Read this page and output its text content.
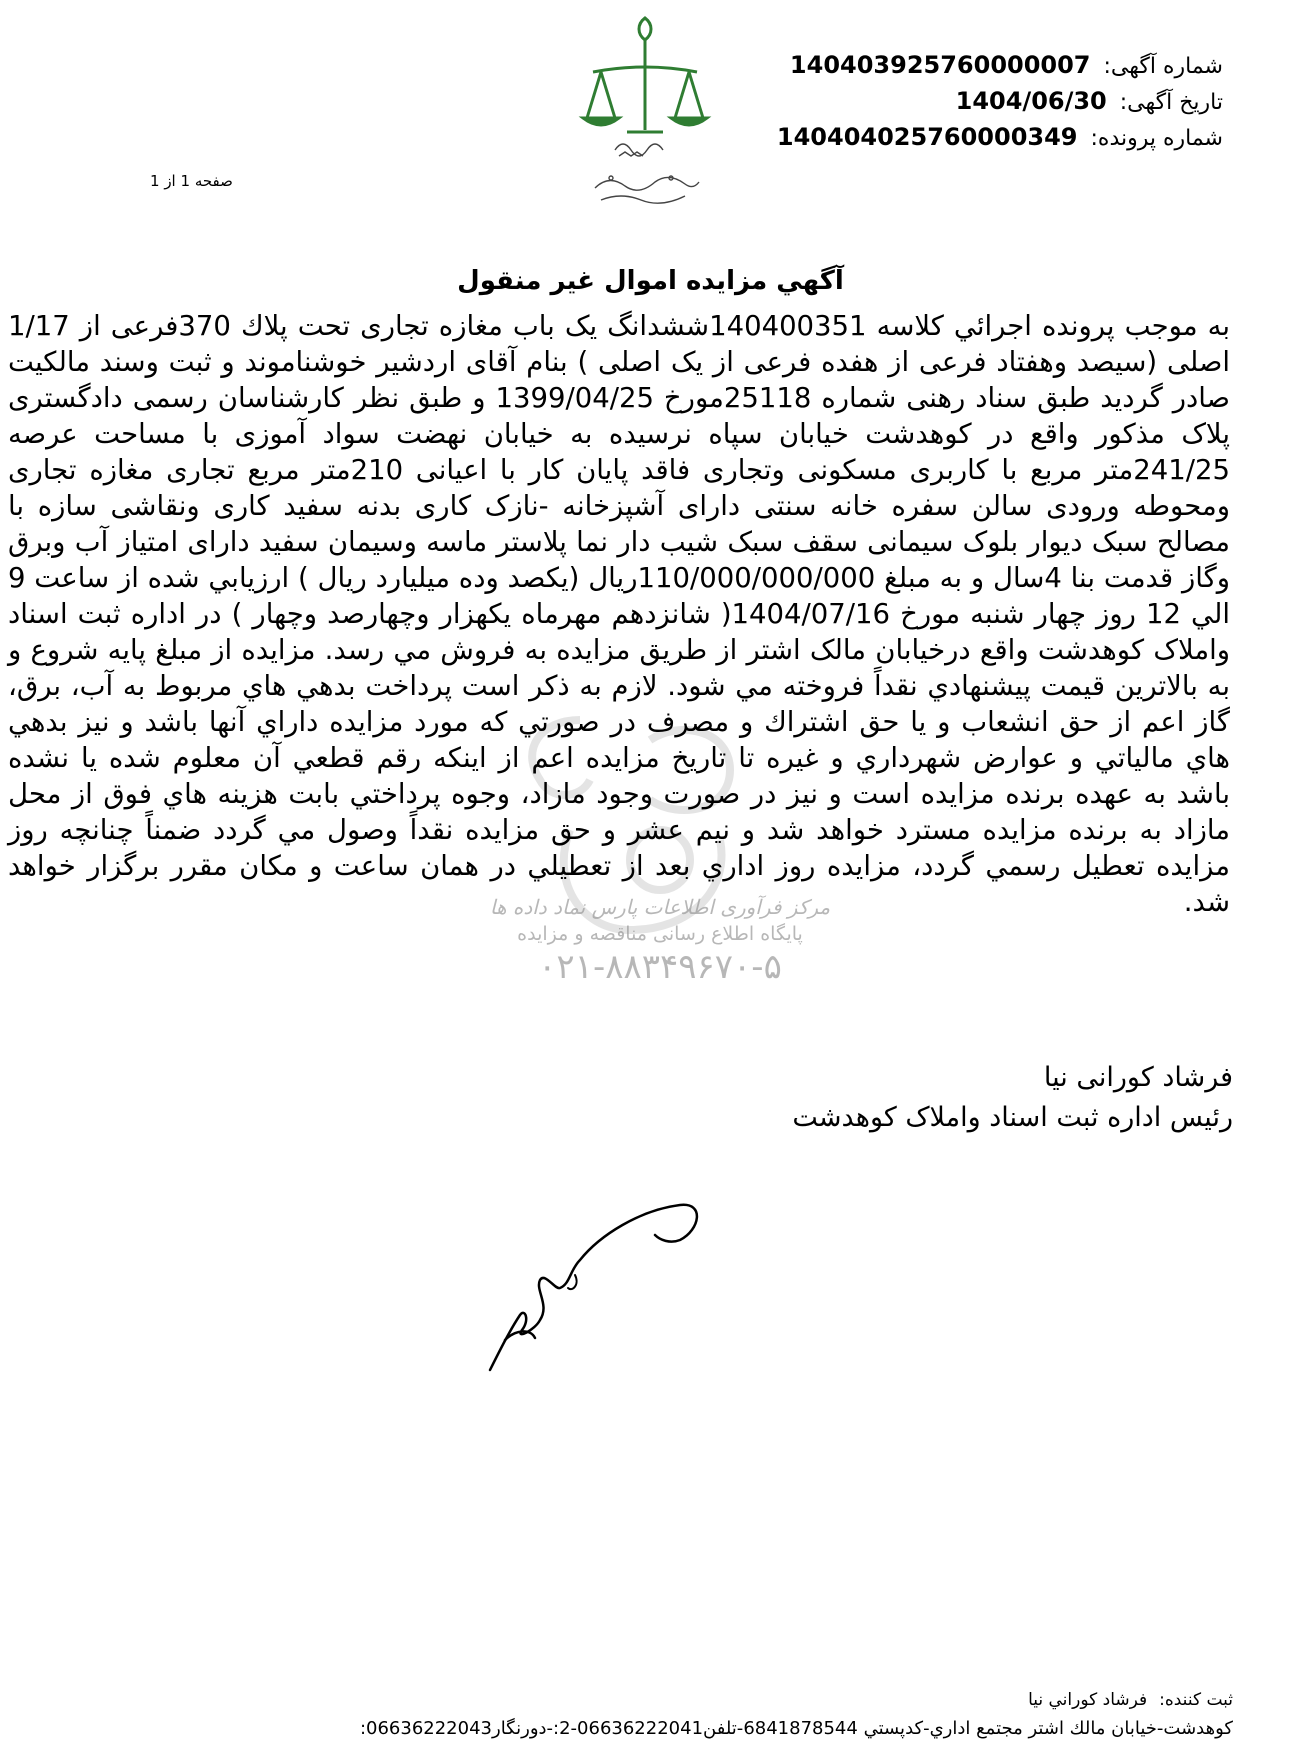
شماره آگهی: 140403925760000007
تاریخ آگهی: 1404/06/30
شماره پرونده: 140404025760000349
صفحه 1 از 1
آگهي مزايده اموال غير منقول
مرکز فرآوری اطلاعات پارس نماد داده ها
پایگاه اطلاع رسانی مناقصه و مزایده
۰۲۱-۸۸۳۴۹۶۷۰-۵
به موجب پرونده اجرائي كلاسه 140400351ششدانگ یک باب مغازه تجاری تحت پلاك 370فرعی از 1/17 اصلی (سیصد وهفتاد فرعی از هفده فرعی از یک اصلی ) بنام آقای اردشیر خوشناموند و ثبت وسند مالکیت صادر گردید طبق سناد رهنی شماره 25118مورخ 1399/04/25 و طبق نظر کارشناسان رسمی دادگستری پلاک مذکور واقع در کوهدشت خیابان سپاه نرسیده به خیابان نهضت سواد آموزی با مساحت عرصه 241/25متر مربع با کاربری مسکونی وتجاری فاقد پایان کار با اعیانی 210متر مربع تجاری مغازه تجاری ومحوطه ورودی سالن سفره خانه سنتی دارای آشپزخانه -نازک کاری بدنه سفید کاری ونقاشی سازه با مصالح سبک دیوار بلوک سیمانی سقف سبک شیب دار نما پلاستر ماسه وسیمان سفید دارای امتیاز آب وبرق وگاز قدمت بنا 4سال و به مبلغ 110/000/000/000ريال (یکصد وده میلیارد ریال ) ارزيابي شده از ساعت 9 الي 12 روز چهار شنبه مورخ 1404/07/16( شانزدهم مهرماه یکهزار وچهارصد وچهار ) در اداره ثبت اسناد واملاک کوهدشت واقع درخیابان مالک اشتر از طريق مزايده به فروش مي رسد. مزايده از مبلغ پايه شروع و به بالاترين قيمت پيشنهادي نقداً فروخته مي شود. لازم به ذكر است پرداخت بدهي هاي مربوط به آب، برق، گاز اعم از حق انشعاب و يا حق اشتراك و مصرف در صورتي كه مورد مزايده داراي آنها باشد و نيز بدهي هاي مالياتي و عوارض شهرداري و غيره تا تاريخ مزايده اعم از اينكه رقم قطعي آن معلوم شده يا نشده باشد به عهده برنده مزايده است و نيز در صورت وجود مازاد، وجوه پرداختي بابت هزينه هاي فوق از محل مازاد به برنده مزايده مسترد خواهد شد و نيم عشر و حق مزايده نقداً وصول مي گردد ضمناً چنانچه روز مزايده تعطيل رسمي گردد، مزايده روز اداري بعد از تعطيلي در همان ساعت و مكان مقرر برگزار خواهد شد.
فرشاد کورانی نیا
رئیس اداره ثبت اسناد واملاک کوهدشت
ثبت كننده:فرشاد كوراني نيا
کوهدشت-خیابان مالك اشتر مجتمع اداري-كدپستي 6841878544-تلفن06636222041-2:-دورنگار06636222043:
